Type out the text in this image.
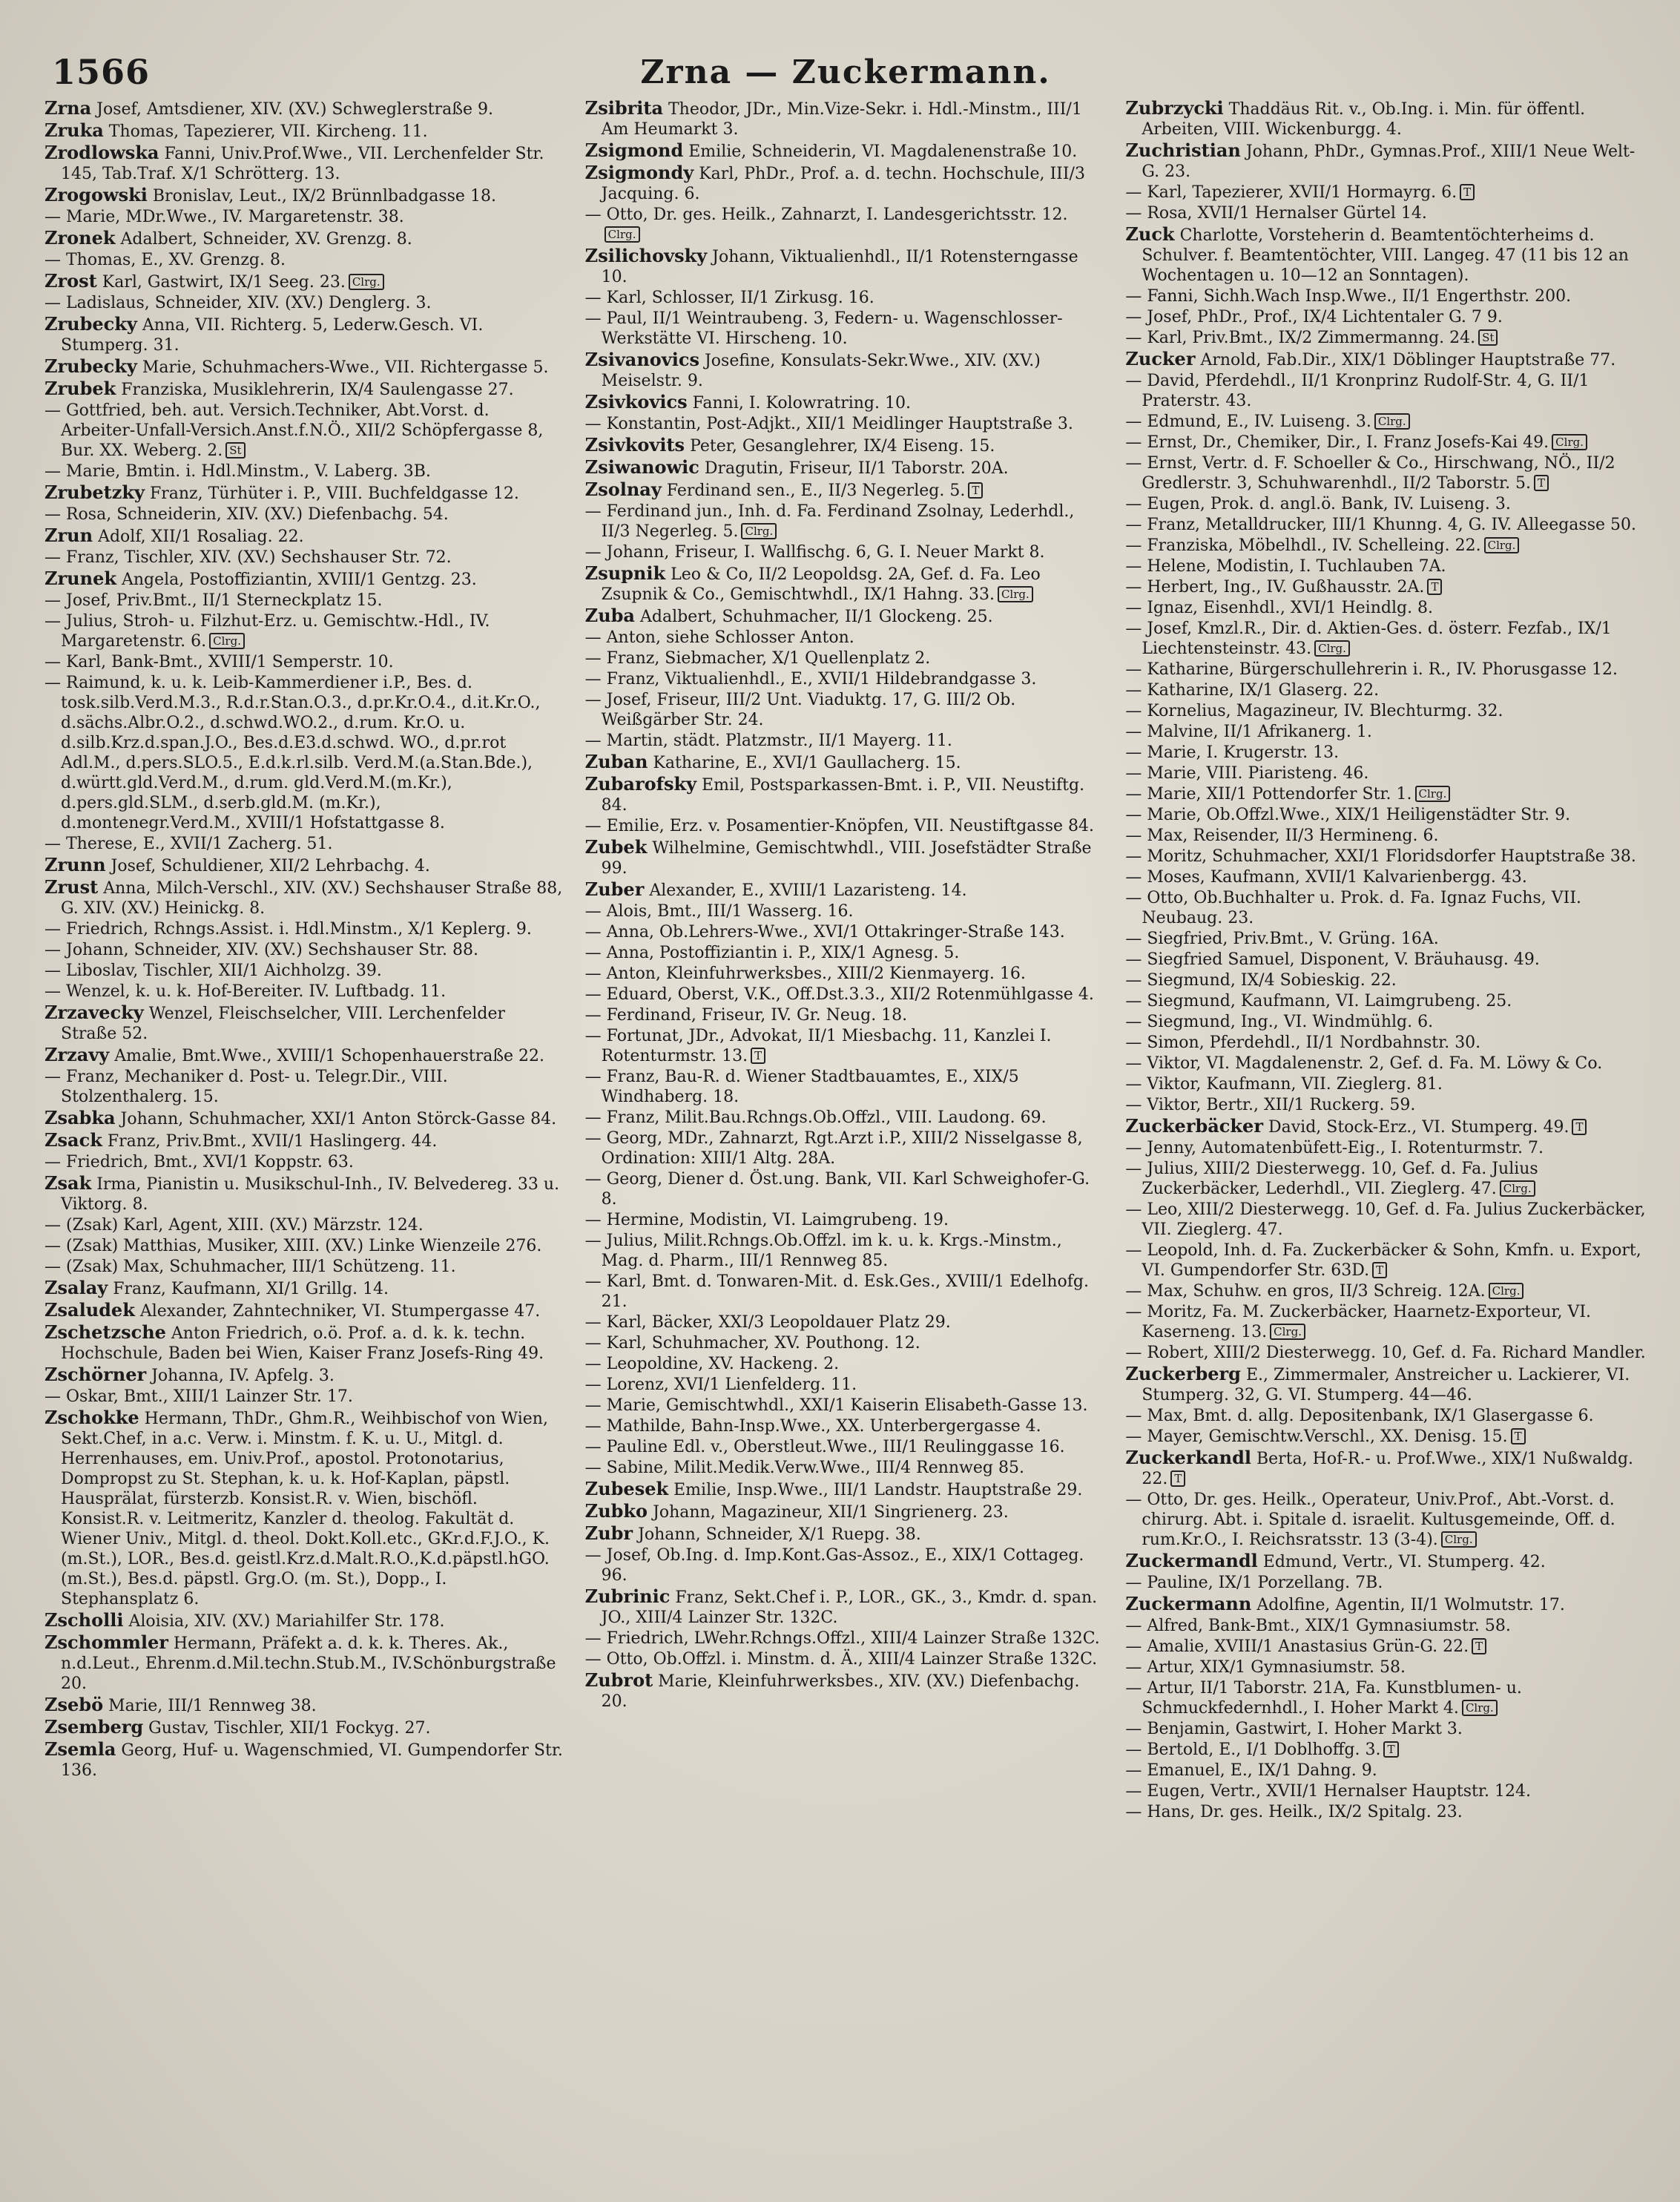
1566	Zrna — Zuckermann.
Zrna Josef, Amtsdiener, XIV. (XV.) Schweglerstraße 9.
Zruka Thomas, Tapezierer, VII. Kircheng. 11.
Zrodlowska Fanni, Univ.Prof.Wwe., VII. Lerchenfelder Str. 145, Tab.Traf. X/1 Schrötterg. 13.
Zrogowski Bronislav, Leut., IX/2 Brünnlbadgasse 18.
— Marie, MDr.Wwe., IV. Margaretenstr. 38.
Zronek Adalbert, Schneider, XV. Grenzg. 8.
— Thomas, E., XV. Grenzg. 8.
Zrost Karl, Gastwirt, IX/1 Seeg. 23. Clrg.
— Ladislaus, Schneider, XIV. (XV.) Denglerg. 3.
Zrubecky Anna, VII. Richterg. 5, Lederw.Gesch. VI. Stumperg. 31.
Zrubecky Marie, Schuhmachers-Wwe., VII. Richtergasse 5.
Zrubek Franziska, Musiklehrerin, IX/4 Saulengasse 27.
— Gottfried, beh. aut. Versich.Techniker, Abt.Vorst. d. Arbeiter-Unfall-Versich.Anst.f.N.Ö., XII/2 Schöpfergasse 8, Bur. XX. Weberg. 2. St
— Marie, Bmtin. i. Hdl.Minstm., V. Laberg. 3B.
Zrubetzky Franz, Türhüter i. P., VIII. Buchfeldgasse 12.
— Rosa, Schneiderin, XIV. (XV.) Diefenbachg. 54.
Zrun Adolf, XII/1 Rosaliag. 22.
— Franz, Tischler, XIV. (XV.) Sechshauser Str. 72.
Zrunek Angela, Postoffiziantin, XVIII/1 Gentzg. 23.
— Josef, Priv.Bmt., II/1 Sterneckplatz 15.
— Julius, Stroh- u. Filzhut-Erz. u. Gemischtw.-Hdl., IV. Margaretenstr. 6. Clrg.
— Karl, Bank-Bmt., XVIII/1 Semperstr. 10.
— Raimund, k. u. k. Leib-Kammerdiener i.P., Bes. d. tosk.silb.Verd.M.3., R.d.r.Stan.O.3., d.pr.Kr.O.4., d.it.Kr.O., d.sächs.Albr.O.2., d.schwd.WO.2., d.rum. Kr.O. u. d.silb.Krz.d.span.J.O., Bes.d.E3.d.schwd. WO., d.pr.rot Adl.M., d.pers.SLO.5., E.d.k.rl.silb. Verd.M.(a.Stan.Bde.), d.württ.gld.Verd.M., d.rum. gld.Verd.M.(m.Kr.), d.pers.gld.SLM., d.serb.gld.M. (m.Kr.), d.montenegr.Verd.M., XVIII/1 Hofstattgasse 8.
— Therese, E., XVII/1 Zacherg. 51.
Zrunn Josef, Schuldiener, XII/2 Lehrbachg. 4.
Zrust Anna, Milch-Verschl., XIV. (XV.) Sechshauser Straße 88, G. XIV. (XV.) Heinickg. 8.
— Friedrich, Rchngs.Assist. i. Hdl.Minstm., X/1 Keplerg. 9.
— Johann, Schneider, XIV. (XV.) Sechshauser Str. 88.
— Liboslav, Tischler, XII/1 Aichholzg. 39.
— Wenzel, k. u. k. Hof-Bereiter. IV. Luftbadg. 11.
Zrzavecky Wenzel, Fleischselcher, VIII. Lerchenfelder Straße 52.
Zrzavy Amalie, Bmt.Wwe., XVIII/1 Schopenhauerstraße 22.
— Franz, Mechaniker d. Post- u. Telegr.Dir., VIII. Stolzenthalerg. 15.
Zsabka Johann, Schuhmacher, XXI/1 Anton Störck-Gasse 84.
Zsack Franz, Priv.Bmt., XVII/1 Haslingerg. 44.
— Friedrich, Bmt., XVI/1 Koppstr. 63.
Zsak Irma, Pianistin u. Musikschul-Inh., IV. Belvedereg. 33 u. Viktorg. 8.
— (Zsak) Karl, Agent, XIII. (XV.) Märzstr. 124.
— (Zsak) Matthias, Musiker, XIII. (XV.) Linke Wienzeile 276.
— (Zsak) Max, Schuhmacher, III/1 Schützeng. 11.
Zsalay Franz, Kaufmann, XI/1 Grillg. 14.
Zsaludek Alexander, Zahntechniker, VI. Stumpergasse 47.
Zschetzsche Anton Friedrich, o.ö. Prof. a. d. k. k. techn. Hochschule, Baden bei Wien, Kaiser Franz Josefs-Ring 49.
Zschörner Johanna, IV. Apfelg. 3.
— Oskar, Bmt., XIII/1 Lainzer Str. 17.
Zschokke Hermann, ThDr., Ghm.R., Weihbischof von Wien, Sekt.Chef, in a.c. Verw. i. Minstm. f. K. u. U., Mitgl. d. Herrenhauses, em. Univ.Prof., apostol. Protonotarius, Dompropst zu St. Stephan, k. u. k. Hof-Kaplan, päpstl. Hausprälat, fürsterzb. Konsist.R. v. Wien, bischöfl. Konsist.R. v. Leitmeritz, Kanzler d. theolog. Fakultät d. Wiener Univ., Mitgl. d. theol. Dokt.Koll.etc., GKr.d.F.J.O., K.(m.St.), LOR., Bes.d. geistl.Krz.d.Malt.R.O.,K.d.päpstl.hGO.(m.St.), Bes.d. päpstl. Grg.O. (m. St.), Dopp., I. Stephansplatz 6.
Zscholli Aloisia, XIV. (XV.) Mariahilfer Str. 178.
Zschommler Hermann, Präfekt a. d. k. k. Theres. Ak., n.d.Leut., Ehrenm.d.Mil.techn.Stub.M., IV.Schönburgstraße 20.
Zsebö Marie, III/1 Rennweg 38.
Zsemberg Gustav, Tischler, XII/1 Fockyg. 27.
Zsemla Georg, Huf- u. Wagenschmied, VI. Gumpendorfer Str. 136.
Zsibrita Theodor, JDr., Min.Vize-Sekr. i. Hdl.-Minstm., III/1 Am Heumarkt 3.
Zsigmond Emilie, Schneiderin, VI. Magdalenenstraße 10.
Zsigmondy Karl, PhDr., Prof. a. d. techn. Hochschule, III/3 Jacquing. 6.
— Otto, Dr. ges. Heilk., Zahnarzt, I. Landesgerichtsstr. 12.Clrg.
Zsilichovsky Johann, Viktualienhdl., II/1 Rotensterngasse 10.
— Karl, Schlosser, II/1 Zirkusg. 16.
— Paul, II/1 Weintraubeng. 3, Federn- u. Wagenschlosser-Werkstätte VI. Hirscheng. 10.
Zsivanovics Josefine, Konsulats-Sekr.Wwe., XIV. (XV.) Meiselstr. 9.
Zsivkovics Fanni, I. Kolowratring. 10.
— Konstantin, Post-Adjkt., XII/1 Meidlinger Hauptstraße 3.
Zsivkovits Peter, Gesanglehrer, IX/4 Eiseng. 15.
Zsiwanowic Dragutin, Friseur, II/1 Taborstr. 20A.
Zsolnay Ferdinand sen., E., II/3 Negerleg. 5. T
— Ferdinand jun., Inh. d. Fa. Ferdinand Zsolnay, Lederhdl., II/3 Negerleg. 5. Clrg.
— Johann, Friseur, I. Wallfischg. 6, G. I. Neuer Markt 8.
Zsupnik Leo & Co, II/2 Leopoldsg. 2A, Gef. d. Fa. Leo Zsupnik & Co., Gemischtwhdl., IX/1 Hahng. 33. Clrg.
Zuba Adalbert, Schuhmacher, II/1 Glockeng. 25.
— Anton, siehe Schlosser Anton.
— Franz, Siebmacher, X/1 Quellenplatz 2.
— Franz, Viktualienhdl., E., XVII/1 Hildebrandgasse 3.
— Josef, Friseur, III/2 Unt. Viaduktg. 17, G. III/2 Ob. Weißgärber Str. 24.
— Martin, städt. Platzmstr., II/1 Mayerg. 11.
Zuban Katharine, E., XVI/1 Gaullacherg. 15.
Zubarofsky Emil, Postsparkassen-Bmt. i. P., VII. Neustiftg. 84.
— Emilie, Erz. v. Posamentier-Knöpfen, VII. Neustiftgasse 84.
Zubek Wilhelmine, Gemischtwhdl., VIII. Josefstädter Straße 99.
Zuber Alexander, E., XVIII/1 Lazaristeng. 14.
— Alois, Bmt., III/1 Wasserg. 16.
— Anna, Ob.Lehrers-Wwe., XVI/1 Ottakringer-Straße 143.
— Anna, Postoffiziantin i. P., XIX/1 Agnesg. 5.
— Anton, Kleinfuhrwerksbes., XIII/2 Kienmayerg. 16.
— Eduard, Oberst, V.K., Off.Dst.3.3., XII/2 Rotenmühlgasse 4.
— Ferdinand, Friseur, IV. Gr. Neug. 18.
— Fortunat, JDr., Advokat, II/1 Miesbachg. 11, Kanzlei I. Rotenturmstr. 13. T
— Franz, Bau-R. d. Wiener Stadtbauamtes, E., XIX/5 Windhaberg. 18.
— Franz, Milit.Bau.Rchngs.Ob.Offzl., VIII. Laudong. 69.
— Georg, MDr., Zahnarzt, Rgt.Arzt i.P., XIII/2 Nisselgasse 8, Ordination: XIII/1 Altg. 28A.
— Georg, Diener d. Öst.ung. Bank, VII. Karl Schweighofer-G. 8.
— Hermine, Modistin, VI. Laimgrubeng. 19.
— Julius, Milit.Rchngs.Ob.Offzl. im k. u. k. Krgs.-Minstm., Mag. d. Pharm., III/1 Rennweg 85.
— Karl, Bmt. d. Tonwaren-Mit. d. Esk.Ges., XVIII/1 Edelhofg. 21.
— Karl, Bäcker, XXI/3 Leopoldauer Platz 29.
— Karl, Schuhmacher, XV. Pouthong. 12.
— Leopoldine, XV. Hackeng. 2.
— Lorenz, XVI/1 Lienfelderg. 11.
— Marie, Gemischtwhdl., XXI/1 Kaiserin Elisabeth-Gasse 13.
— Mathilde, Bahn-Insp.Wwe., XX. Unterbergergasse 4.
— Pauline Edl. v., Oberstleut.Wwe., III/1 Reulinggasse 16.
— Sabine, Milit.Medik.Verw.Wwe., III/4 Rennweg 85.
Zubesek Emilie, Insp.Wwe., III/1 Landstr. Hauptstraße 29.
Zubko Johann, Magazineur, XII/1 Singrienerg. 23.
Zubr Johann, Schneider, X/1 Ruepg. 38.
— Josef, Ob.Ing. d. Imp.Kont.Gas-Assoz., E., XIX/1 Cottageg. 96.
Zubrinic Franz, Sekt.Chef i. P., LOR., GK., 3., Kmdr. d. span. JO., XIII/4 Lainzer Str. 132C.
— Friedrich, LWehr.Rchngs.Offzl., XIII/4 Lainzer Straße 132C.
— Otto, Ob.Offzl. i. Minstm. d. Ä., XIII/4 Lainzer Straße 132C.
Zubrot Marie, Kleinfuhrwerksbes., XIV. (XV.) Diefenbachg. 20.
Zubrzycki Thaddäus Rit. v., Ob.Ing. i. Min. für öffentl. Arbeiten, VIII. Wickenburgg. 4.
Zuchristian Johann, PhDr., Gymnas.Prof., XIII/1 Neue Welt-G. 23.
— Karl, Tapezierer, XVII/1 Hormayrg. 6. T
— Rosa, XVII/1 Hernalser Gürtel 14.
Zuck Charlotte, Vorsteherin d. Beamtentöchterheims d. Schulver. f. Beamtentöchter, VIII. Langeg. 47 (11 bis 12 an Wochentagen u. 10—12 an Sonntagen).
— Fanni, Sichh.Wach Insp.Wwe., II/1 Engerthstr. 200.
— Josef, PhDr., Prof., IX/4 Lichtentaler G. 7 9.
— Karl, Priv.Bmt., IX/2 Zimmermanng. 24. St
Zucker Arnold, Fab.Dir., XIX/1 Döblinger Hauptstraße 77.
— David, Pferdehdl., II/1 Kronprinz Rudolf-Str. 4, G. II/1 Praterstr. 43.
— Edmund, E., IV. Luiseng. 3. Clrg.
— Ernst, Dr., Chemiker, Dir., I. Franz Josefs-Kai 49. Clrg.
— Ernst, Vertr. d. F. Schoeller & Co., Hirschwang, NÖ., II/2 Gredlerstr. 3, Schuhwarenhdl., II/2 Taborstr. 5. T
— Eugen, Prok. d. angl.ö. Bank, IV. Luiseng. 3.
— Franz, Metalldrucker, III/1 Khunng. 4, G. IV. Alleegasse 50.
— Franziska, Möbelhdl., IV. Schelleing. 22. Clrg.
— Helene, Modistin, I. Tuchlauben 7A.
— Herbert, Ing., IV. Gußhausstr. 2A. T
— Ignaz, Eisenhdl., XVI/1 Heindlg. 8.
— Josef, Kmzl.R., Dir. d. Aktien-Ges. d. österr. Fezfab., IX/1 Liechtensteinstr. 43. Clrg.
— Katharine, Bürgerschullehrerin i. R., IV. Phorusgasse 12.
— Katharine, IX/1 Glaserg. 22.
— Kornelius, Magazineur, IV. Blechturmg. 32.
— Malvine, II/1 Afrikanerg. 1.
— Marie, I. Krugerstr. 13.
— Marie, VIII. Piaristeng. 46.
— Marie, XII/1 Pottendorfer Str. 1. Clrg.
— Marie, Ob.Offzl.Wwe., XIX/1 Heiligenstädter Str. 9.
— Max, Reisender, II/3 Hermineng. 6.
— Moritz, Schuhmacher, XXI/1 Floridsdorfer Hauptstraße 38.
— Moses, Kaufmann, XVII/1 Kalvarienbergg. 43.
— Otto, Ob.Buchhalter u. Prok. d. Fa. Ignaz Fuchs, VII. Neubaug. 23.
— Siegfried, Priv.Bmt., V. Grüng. 16A.
— Siegfried Samuel, Disponent, V. Bräuhausg. 49.
— Siegmund, IX/4 Sobieskig. 22.
— Siegmund, Kaufmann, VI. Laimgrubeng. 25.
— Siegmund, Ing., VI. Windmühlg. 6.
— Simon, Pferdehdl., II/1 Nordbahnstr. 30.
— Viktor, VI. Magdalenenstr. 2, Gef. d. Fa. M. Löwy & Co.
— Viktor, Kaufmann, VII. Zieglerg. 81.
— Viktor, Bertr., XII/1 Ruckerg. 59.
Zuckerbäcker David, Stock-Erz., VI. Stumperg. 49. T
— Jenny, Automatenbüfett-Eig., I. Rotenturmstr. 7.
— Julius, XIII/2 Diesterwegg. 10, Gef. d. Fa. Julius Zuckerbäcker, Lederhdl., VII. Zieglerg. 47. Clrg.
— Leo, XIII/2 Diesterwegg. 10, Gef. d. Fa. Julius Zuckerbäcker, VII. Zieglerg. 47.
— Leopold, Inh. d. Fa. Zuckerbäcker & Sohn, Kmfn. u. Export, VI. Gumpendorfer Str. 63D. T
— Max, Schuhw. en gros, II/3 Schreig. 12A. Clrg.
— Moritz, Fa. M. Zuckerbäcker, Haarnetz-Exporteur, VI. Kaserneng. 13. Clrg.
— Robert, XIII/2 Diesterwegg. 10, Gef. d. Fa. Richard Mandler.
Zuckerberg E., Zimmermaler, Anstreicher u. Lackierer, VI. Stumperg. 32, G. VI. Stumperg. 44—46.
— Max, Bmt. d. allg. Depositenbank, IX/1 Glasergasse 6.
— Mayer, Gemischtw.Verschl., XX. Denisg. 15. T
Zuckerkandl Berta, Hof-R.- u. Prof.Wwe., XIX/1 Nußwaldg. 22. T
— Otto, Dr. ges. Heilk., Operateur, Univ.Prof., Abt.-Vorst. d. chirurg. Abt. i. Spitale d. israelit. Kultusgemeinde, Off. d. rum.Kr.O., I. Reichsratsstr. 13 (3-4). Clrg.
Zuckermandl Edmund, Vertr., VI. Stumperg. 42.
— Pauline, IX/1 Porzellang. 7B.
Zuckermann Adolfine, Agentin, II/1 Wolmutstr. 17.
— Alfred, Bank-Bmt., XIX/1 Gymnasiumstr. 58.
— Amalie, XVIII/1 Anastasius Grün-G. 22. T
— Artur, XIX/1 Gymnasiumstr. 58.
— Artur, II/1 Taborstr. 21A, Fa. Kunstblumen- u. Schmuckfedernhdl., I. Hoher Markt 4. Clrg.
— Benjamin, Gastwirt, I. Hoher Markt 3.
— Bertold, E., I/1 Doblhoffg. 3. T
— Emanuel, E., IX/1 Dahng. 9.
— Eugen, Vertr., XVII/1 Hernalser Hauptstr. 124.
— Hans, Dr. ges. Heilk., IX/2 Spitalg. 23.
